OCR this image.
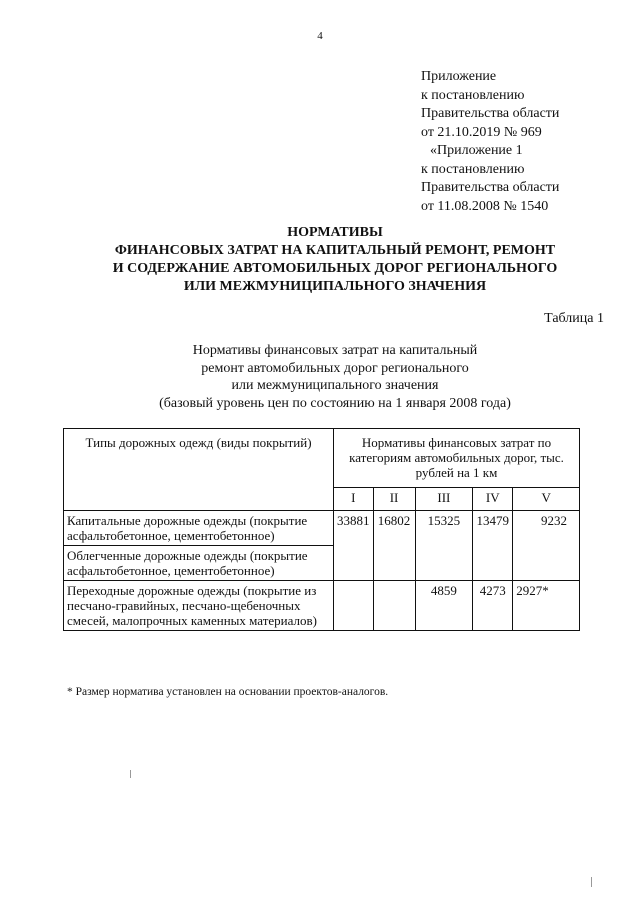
4
Приложение
к постановлению
Правительства области
от 21.10.2019 № 969
«Приложение 1
к постановлению
Правительства области
от 11.08.2008 № 1540
НОРМАТИВЫ
ФИНАНСОВЫХ ЗАТРАТ НА КАПИТАЛЬНЫЙ РЕМОНТ, РЕМОНТ
И СОДЕРЖАНИЕ АВТОМОБИЛЬНЫХ ДОРОГ РЕГИОНАЛЬНОГО
ИЛИ МЕЖМУНИЦИПАЛЬНОГО ЗНАЧЕНИЯ
Таблица 1
Нормативы финансовых затрат на капитальный
ремонт автомобильных дорог регионального
или межмуниципального значения
(базовый уровень цен по состоянию на 1 января 2008 года)
Типы дорожных одежд (виды покрытий)	Нормативы финансовых затрат по категориям автомобильных дорог, тыс. рублей на 1 км				
	I	II	III	IV	V
Капитальные дорожные одежды (покрытие асфальтобетонное, цементобетонное)	33881	16802	15325	13479	9232
Облегченные дорожные одежды (покрытие асфальтобетонное, цементобетонное)					
Переходные дорожные одежды (покрытие из песчано-гравийных, песчано-щебеночных смесей, малопрочных каменных материалов)			4859	4273	2927*
* Размер норматива установлен на основании проектов-аналогов.
